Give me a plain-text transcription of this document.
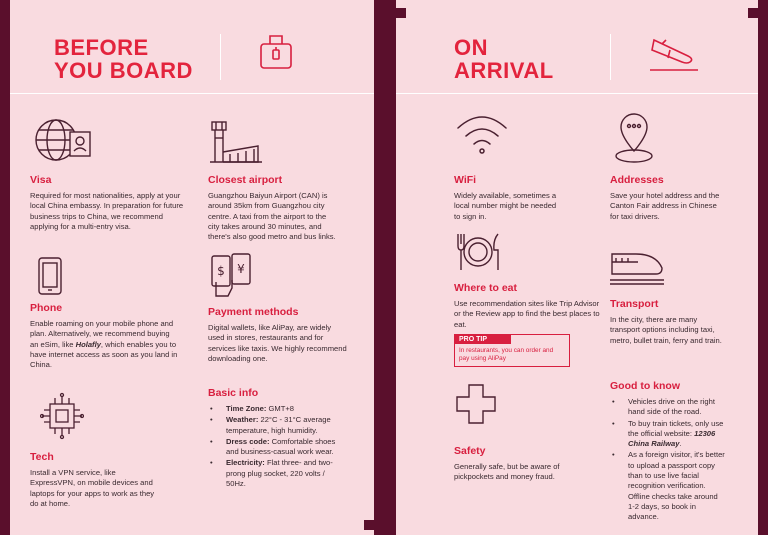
BEFORE
YOU BOARD
Visa

Required for most nationalities, apply at your local China embassy. In preparation for future business trips to China, we recommend applying for a multi-entry visa.

Closest airport

Guangzhou Baiyun Airport (CAN) is around 35km from Guangzhou city centre. A taxi from the airport to the city takes around 30 minutes, and there's also good metro and bus links.

Phone

Enable roaming on your mobile phone and plan. Alternatively, we recommend buying an eSim, like Holafly, which enables you to have internet access as soon as you land in China.

$ ¥
Payment methods

Digital wallets, like AliPay, are widely used in stores, restaurants and for services like taxis. We highly recommend downloading one.

Tech

Install a VPN service, like ExpressVPN, on mobile devices and laptops for your apps to work as they do at home.

Basic info
• Time Zone: GMT+8
• Weather: 22°C - 31°C average temperature, high humidity.
• Dress code: Comfortable shoes and business-casual work wear.
• Electricity: Flat three- and two-prong plug socket, 220 volts / 50Hz.
ON
ARRIVAL
WiFi

Widely available, sometimes a local number might be needed to sign in.

Addresses

Save your hotel address and the Canton Fair address in Chinese for taxi drivers.

Where to eat

Use recommendation sites like Trip Advisor or the Review app to find the best places to eat.

PRO TIP
In restaurants, you can order and pay using AliPay
Transport

In the city, there are many transport options including taxi, metro, bullet train, ferry and train.

Safety

Generally safe, but be aware of pickpockets and money fraud.

Good to know
• Vehicles drive on the right hand side of the road.
• To buy train tickets, only use the official website: 12306 China Railway.
• As a foreign visitor, it's better to upload a passport copy than to use live facial recognition verification. Offline checks take around 1-2 days, so book in advance.
